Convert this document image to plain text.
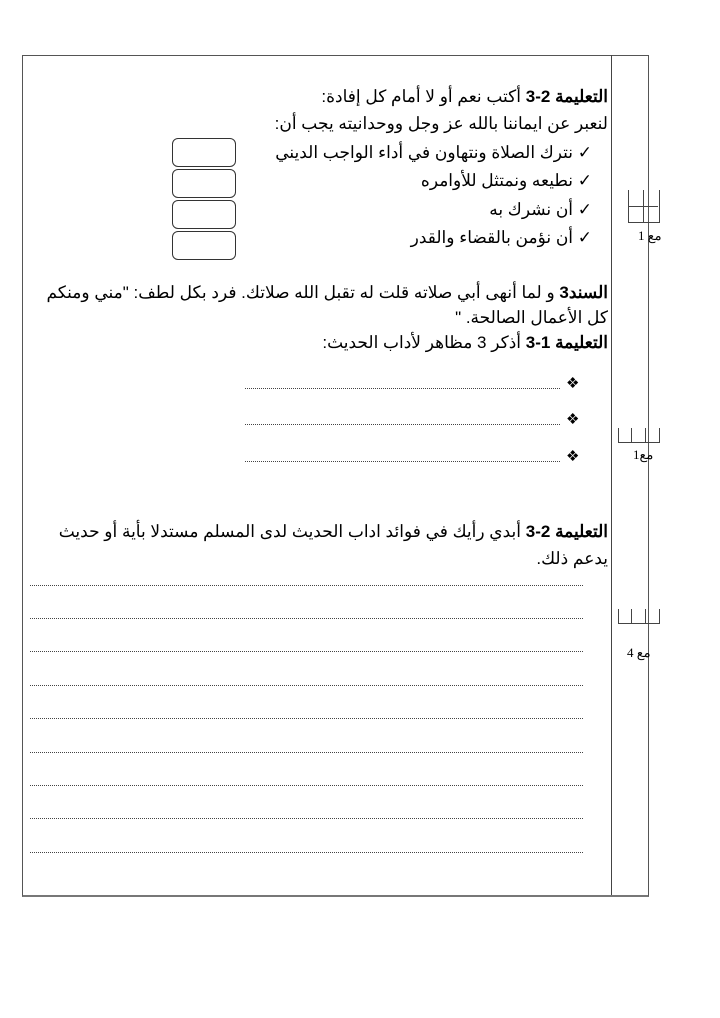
التعليمة 2-3 أكتب نعم أو لا أمام كل إفادة:
لنعبر عن ايماننا بالله عز وجل ووحدانيته يجب أن:
✓ نترك الصلاة ونتهاون في أداء الواجب الديني
✓ نطيعه ونمتثل للأوامره
✓ أن نشرك به
✓ أن نؤمن بالقضاء والقدر
السند3 و لما أنهى أبي صلاته قلت له تقبل الله صلاتك. فرد بكل لطف: "مني ومنكم كل الأعمال الصالحة. "
التعليمة 1-3 أذكر 3 مظاهر لأداب الحديث:
❖
❖
❖
التعليمة 2-3 أبدي رأيك في فوائد اداب الحديث لدى المسلم مستدلا بأية أو حديث يدعم ذلك.
مع 1
مع1
مع 4
